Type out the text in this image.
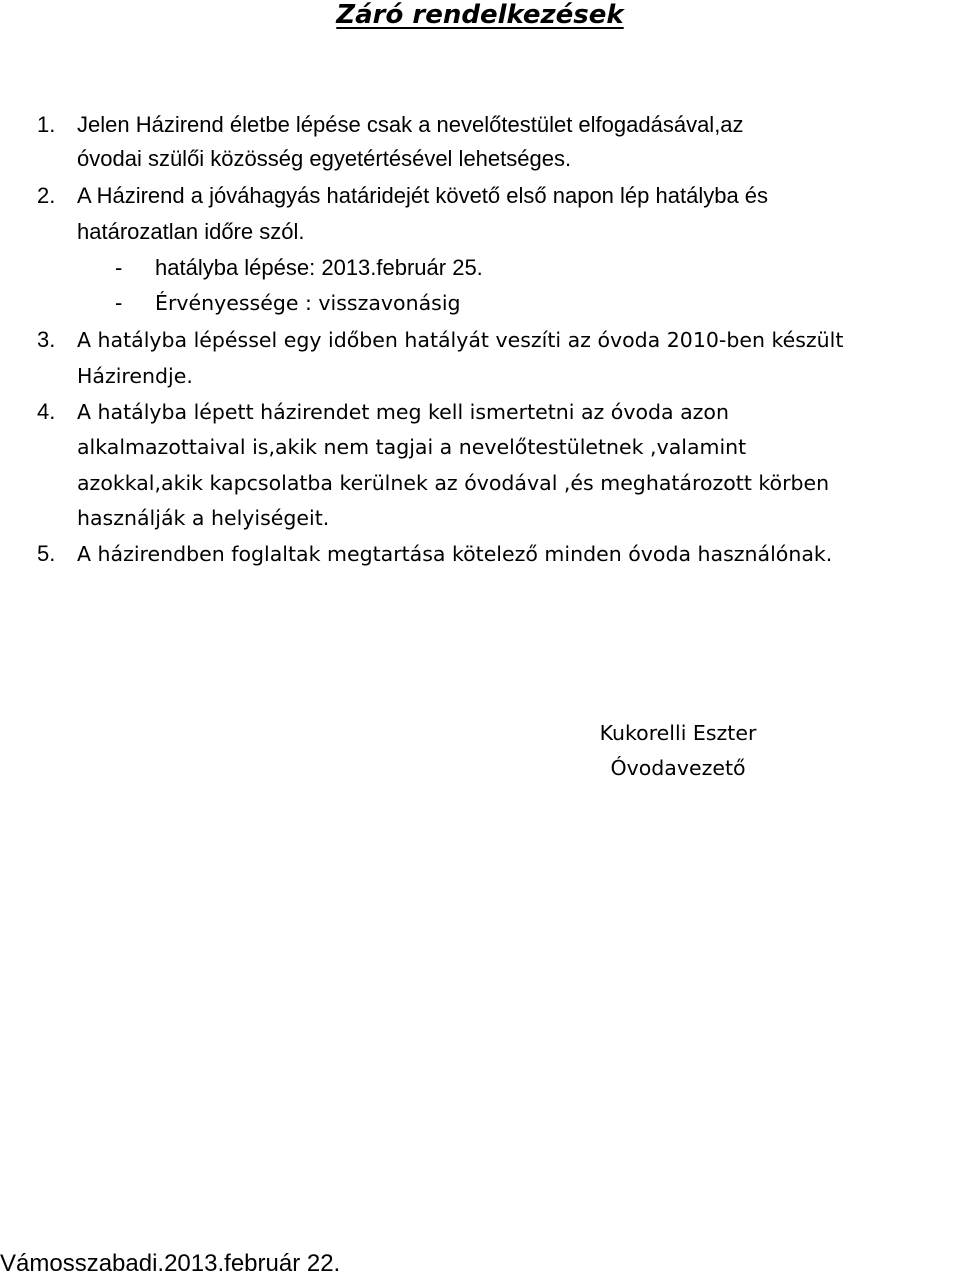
Záró rendelkezések
1. Jelen Házirend életbe lépése csak a nevelőtestület elfogadásával,az
óvodai szülői közösség egyetértésével lehetséges.
2. A Házirend a jóváhagyás határidejét követő első napon lép hatályba és
határozatlan időre szól.
- hatályba lépése: 2013.február 25.
- Érvényessége : visszavonásig
3.	A hatályba lépéssel egy időben hatályát veszíti az óvoda 2010-ben készült
Házirendje.
4.	A hatályba lépett házirendet meg kell ismertetni az óvoda azon
alkalmazottaival is,akik nem tagjai a nevelőtestületnek ,valamint
azokkal,akik kapcsolatba kerülnek az óvodával ,és meghatározott körben
használják a helyiségeit.
5.	A házirendben foglaltak megtartása kötelező minden óvoda használónak.
Kukorelli Eszter
Óvodavezető
Vámosszabadi.2013.február 22.
